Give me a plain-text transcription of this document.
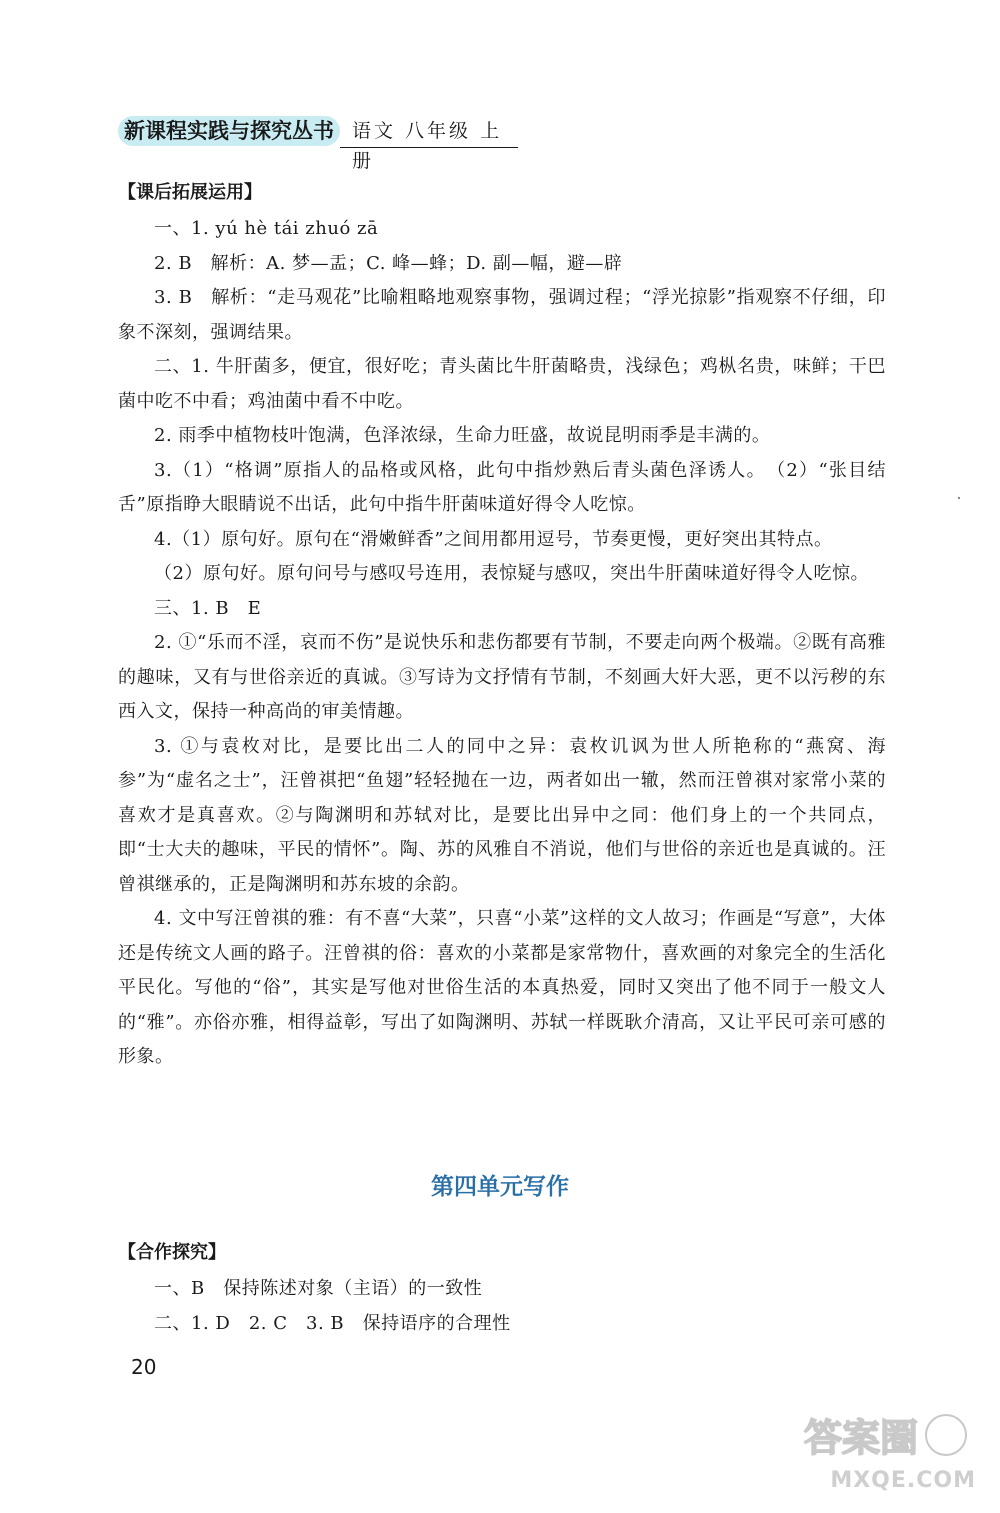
新课程实践与探究丛书 语文 八年级 上册

【课后拓展运用】

一、1. yú hè tái zhuó zā

2. B　解析：A. 梦—盂；C. 峰—蜂；D. 副—幅，避—辟

3. B　解析：“走马观花”比喻粗略地观察事物，强调过程；“浮光掠影”指观察不仔细，印象不深刻，强调结果。

二、1. 牛肝菌多，便宜，很好吃；青头菌比牛肝菌略贵，浅绿色；鸡枞名贵，味鲜；干巴菌中吃不中看；鸡油菌中看不中吃。

2. 雨季中植物枝叶饱满，色泽浓绿，生命力旺盛，故说昆明雨季是丰满的。

3.（1）“格调”原指人的品格或风格，此句中指炒熟后青头菌色泽诱人。　（2）“张目结舌”原指睁大眼睛说不出话，此句中指牛肝菌味道好得令人吃惊。

4.（1）原句好。原句在“滑嫩鲜香”之间用都用逗号，节奏更慢，更好突出其特点。

（2）原句好。原句问号与感叹号连用，表惊疑与感叹，突出牛肝菌味道好得令人吃惊。

三、1. B　E

2. ①“乐而不淫，哀而不伤”是说快乐和悲伤都要有节制，不要走向两个极端。②既有高雅的趣味，又有与世俗亲近的真诚。③写诗为文抒情有节制，不刻画大奸大恶，更不以污秽的东西入文，保持一种高尚的审美情趣。

3. ①与袁枚对比，是要比出二人的同中之异：袁枚讥讽为世人所艳称的“燕窝、海参”为“虚名之士”，汪曾祺把“鱼翅”轻轻抛在一边，两者如出一辙，然而汪曾祺对家常小菜的喜欢才是真喜欢。②与陶渊明和苏轼对比，是要比出异中之同：他们身上的一个共同点，即“士大夫的趣味，平民的情怀”。陶、苏的风雅自不消说，他们与世俗的亲近也是真诚的。汪曾祺继承的，正是陶渊明和苏东坡的余韵。

4. 文中写汪曾祺的雅：有不喜“大菜”，只喜“小菜”这样的文人故习；作画是“写意”，大体还是传统文人画的路子。汪曾祺的俗：喜欢的小菜都是家常物什，喜欢画的对象完全的生活化平民化。写他的“俗”，其实是写他对世俗生活的本真热爱，同时又突出了他不同于一般文人的“雅”。亦俗亦雅，相得益彰，写出了如陶渊明、苏轼一样既耿介清高，又让平民可亲可感的形象。

第四单元写作

【合作探究】

一、B　保持陈述对象（主语）的一致性

二、1. D　2. C　3. B　保持语序的合理性

20
答案圈
MXQE.COM
